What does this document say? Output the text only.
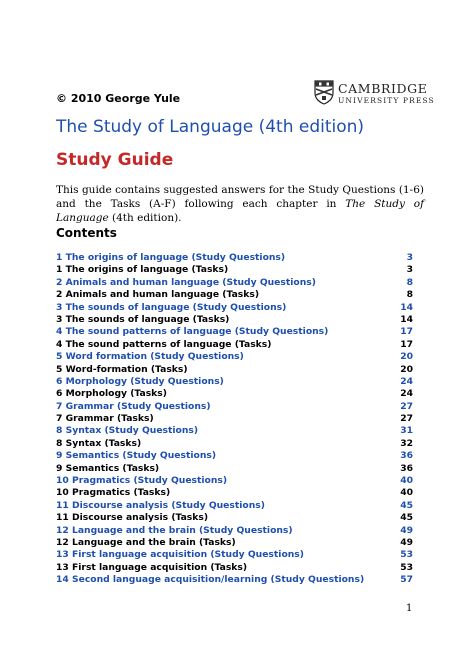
© 2010 George Yule
CAMBRIDGE
UNIVERSITY PRESS
The Study of Language (4th edition)
Study Guide

This guide contains suggested answers for the Study Questions (1-6) and the Tasks (A-F) following each chapter in The Study of Language (4th edition).

Contents
1 The origins of language (Study Questions)	3
1 The origins of language (Tasks)	3
2 Animals and human language (Study Questions)	8
2 Animals and human language (Tasks)	8
3 The sounds of language (Study Questions)	14
3 The sounds of language (Tasks)	14
4 The sound patterns of language (Study Questions)	17
4 The sound patterns of language (Tasks)	17
5 Word formation (Study Questions)	20
5 Word-formation (Tasks)	20
6 Morphology (Study Questions)	24
6 Morphology (Tasks)	24
7 Grammar (Study Questions)	27
7 Grammar (Tasks)	27
8 Syntax (Study Questions)	31
8 Syntax (Tasks)	32
9 Semantics (Study Questions)	36
9 Semantics (Tasks)	36
10 Pragmatics (Study Questions)	40
10 Pragmatics (Tasks)	40
11 Discourse analysis (Study Questions)	45
11 Discourse analysis (Tasks)	45
12 Language and the brain (Study Questions)	49
12 Language and the brain (Tasks)	49
13 First language acquisition (Study Questions)	53
13 First language acquisition (Tasks)	53
14 Second language acquisition/learning (Study Questions)	57
1
